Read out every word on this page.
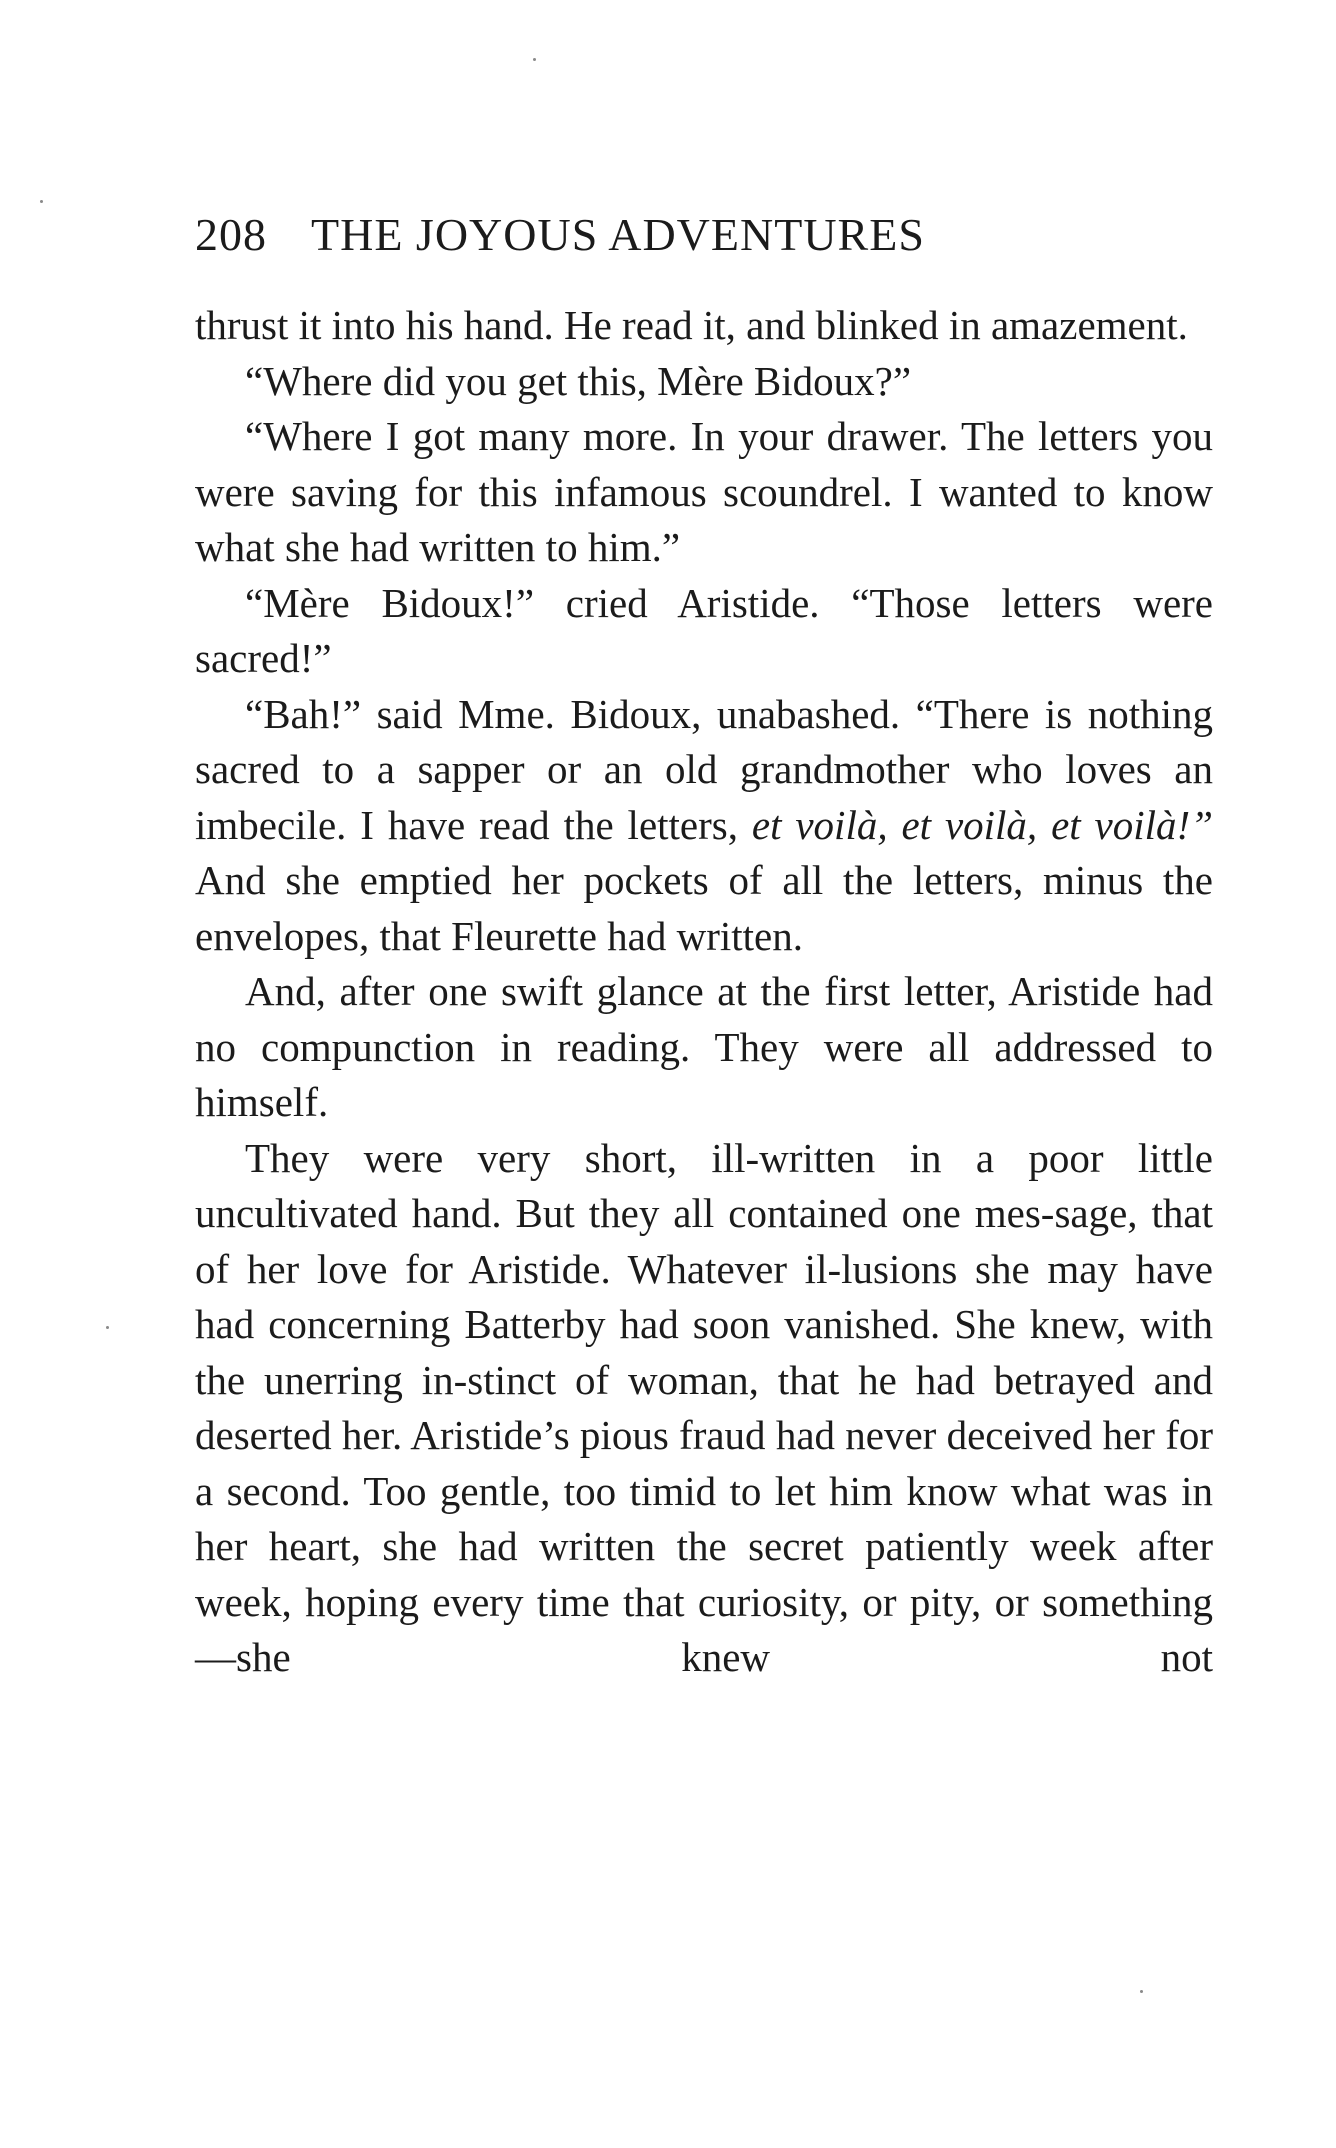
208 THE JOYOUS ADVENTURES

thrust it into his hand. He read it, and blinked in amazement.

“Where did you get this, Mère Bidoux?”

“Where I got many more. In your drawer. The letters you were saving for this infamous scoundrel. I wanted to know what she had written to him.”

“Mère Bidoux!” cried Aristide. “Those letters were sacred!”

“Bah!” said Mme. Bidoux, unabashed. “There is nothing sacred to a sapper or an old grandmother who loves an imbecile. I have read the letters, et voilà, et voilà, et voilà!” And she emptied her pockets of all the letters, minus the envelopes, that Fleurette had written.

And, after one swift glance at the first letter, Aristide had no compunction in reading. They were all addressed to himself.

They were very short, ill-written in a poor little uncultivated hand. But they all contained one mes-sage, that of her love for Aristide. Whatever il-lusions she may have had concerning Batterby had soon vanished. She knew, with the unerring in-stinct of woman, that he had betrayed and deserted her. Aristide’s pious fraud had never deceived her for a second. Too gentle, too timid to let him know what was in her heart, she had written the secret patiently week after week, hoping every time that curiosity, or pity, or something—she knew not
